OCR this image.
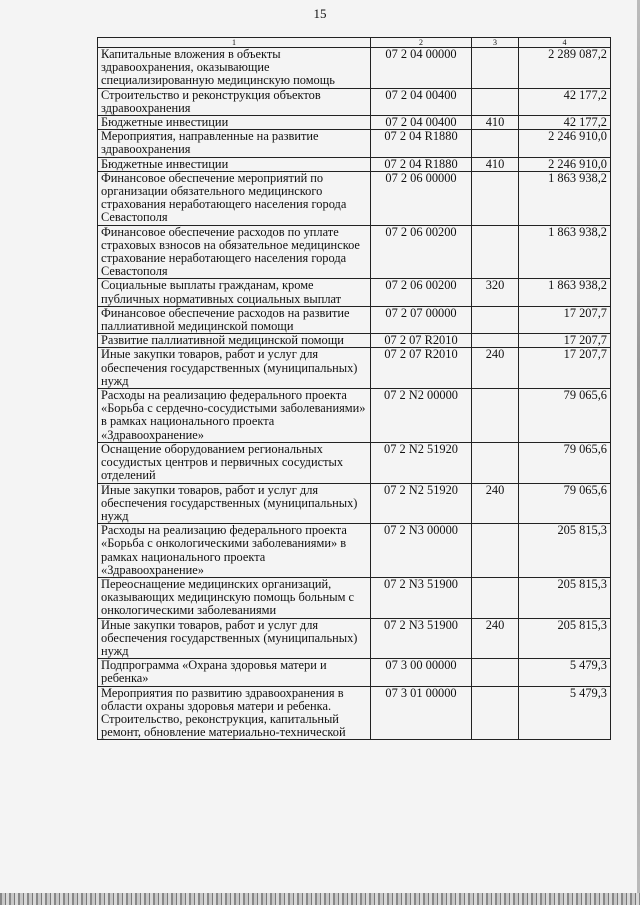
15
1	2	3	4
Капитальные вложения в объекты здравоохранения, оказывающие специализированную медицинскую помощь	07 2 04 00000		2 289 087,2
Строительство и реконструкция объектов здравоохранения	07 2 04 00400		42 177,2
Бюджетные инвестиции	07 2 04 00400	410	42 177,2
Мероприятия, направленные на развитие здравоохранения	07 2 04 R1880		2 246 910,0
Бюджетные инвестиции	07 2 04 R1880	410	2 246 910,0
Финансовое обеспечение мероприятий по организации обязательного медицинского страхования неработающего населения города Севастополя	07 2 06 00000		1 863 938,2
Финансовое обеспечение расходов по уплате страховых взносов на обязательное медицинское страхование неработающего населения города Севастополя	07 2 06 00200		1 863 938,2
Социальные выплаты гражданам, кроме публичных нормативных социальных выплат	07 2 06 00200	320	1 863 938,2
Финансовое обеспечение расходов на развитие паллиативной медицинской помощи	07 2 07 00000		17 207,7
Развитие паллиативной медицинской помощи	07 2 07 R2010		17 207,7
Иные закупки товаров, работ и услуг для обеспечения государственных (муниципальных) нужд	07 2 07 R2010	240	17 207,7
Расходы на реализацию федерального проекта «Борьба с сердечно-сосудистыми заболеваниями» в рамках национального проекта «Здравоохранение»	07 2 N2 00000		79 065,6
Оснащение оборудованием региональных сосудистых центров и первичных сосудистых отделений	07 2 N2 51920		79 065,6
Иные закупки товаров, работ и услуг для обеспечения государственных (муниципальных) нужд	07 2 N2 51920	240	79 065,6
Расходы на реализацию федерального проекта «Борьба с онкологическими заболеваниями» в рамках национального проекта «Здравоохранение»	07 2 N3 00000		205 815,3
Переоснащение медицинских организаций, оказывающих медицинскую помощь больным с онкологическими заболеваниями	07 2 N3 51900		205 815,3
Иные закупки товаров, работ и услуг для обеспечения государственных (муниципальных) нужд	07 2 N3 51900	240	205 815,3
Подпрограмма «Охрана здоровья матери и ребенка»	07 3 00 00000		5 479,3
Мероприятия по развитию здравоохранения в области охраны здоровья матери и ребенка. Строительство, реконструкция, капитальный ремонт, обновление материально-технической	07 3 01 00000		5 479,3
